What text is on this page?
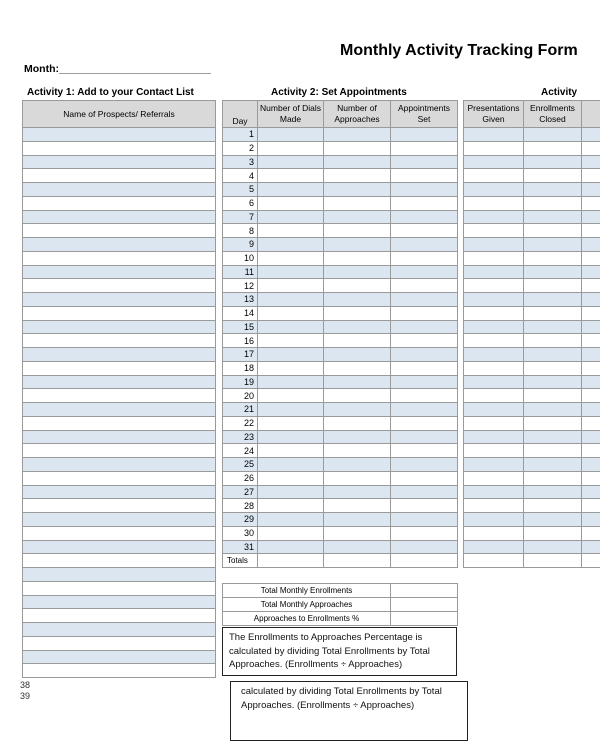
Monthly Activity Tracking Form
Month:__________________________
Activity 1: Add to your Contact List	Activity 2: Set Appointments	Activity
Name of Prospects/ Referrals

Day	Number of Dials Made	Number of Approaches	Appointments Set
1			
2			
3			
4			
5			
6			
7			
8			
9			
10			
11			
12			
13			
14			
15			
16			
17			
18			
19			
20			
21			
22			
23			
24			
25			
26			
27			
28			
29			
30			
31			
Totals			
Presentations Given	Enrollments Closed	

Total Monthly Enrollments	
Total Monthly Approaches	
Approaches to Enrollments %	
The Enrollments to Approaches Percentage is calculated by dividing Total Enrollments by Total Approaches. (Enrollments ÷ Approaches)
calculated by dividing Total Enrollments by Total Approaches. (Enrollments ÷ Approaches)
38
39
